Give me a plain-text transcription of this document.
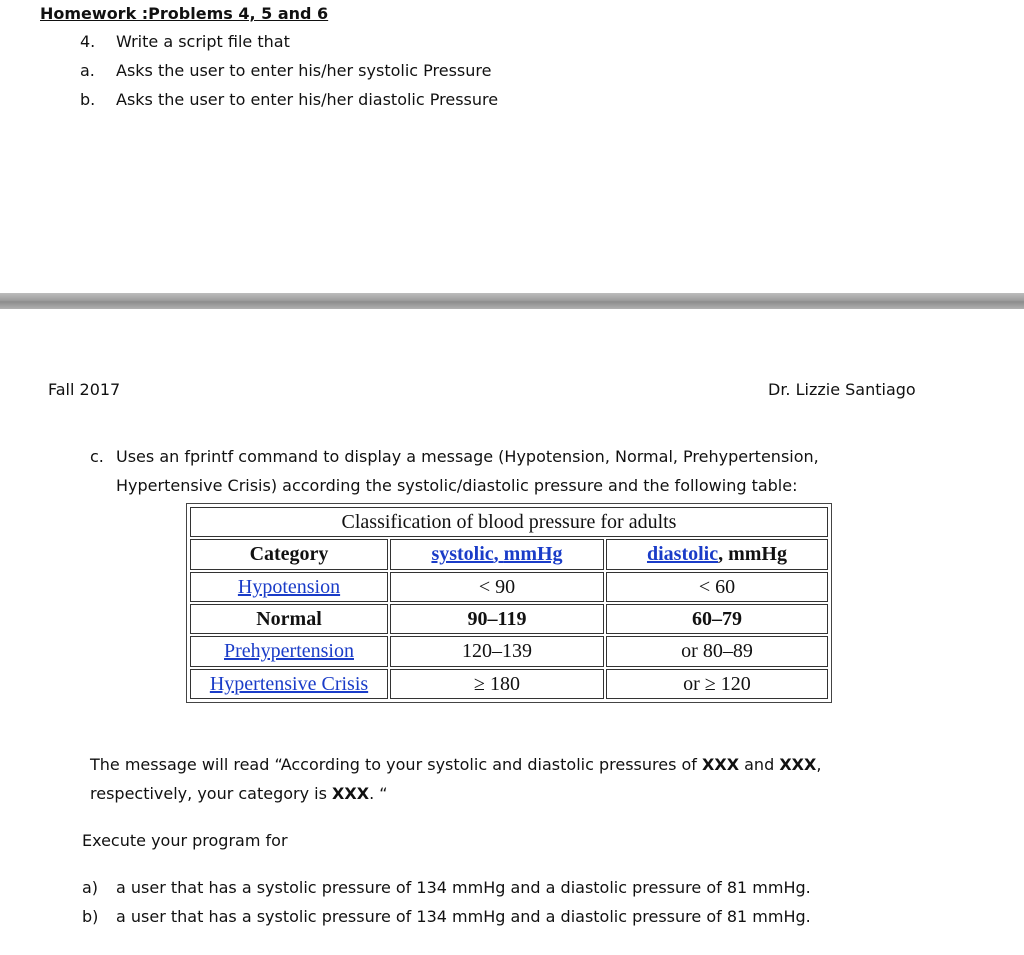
Homework :Problems 4, 5 and 6
4. Write a script file that
a. Asks the user to enter his/her systolic Pressure
b. Asks the user to enter his/her diastolic Pressure
Fall 2017	Dr. Lizzie Santiago
c. Uses an fprintf command to display a message (Hypotension, Normal, Prehypertension,
Hypertensive Crisis) according the systolic/diastolic pressure and the following table:
Classification of blood pressure for adults		
Category	systolic, mmHg	diastolic, mmHg
Hypotension	< 90	< 60
Normal	90–119	60–79
Prehypertension	120–139	or 80–89
Hypertensive Crisis	≥ 180	or ≥ 120
The message will read “According to your systolic and diastolic pressures of XXX and XXX,
respectively, your category is XXX. “
Execute your program for
a) a user that has a systolic pressure of 134 mmHg and a diastolic pressure of 81 mmHg.
b) a user that has a systolic pressure of 134 mmHg and a diastolic pressure of 81 mmHg.
